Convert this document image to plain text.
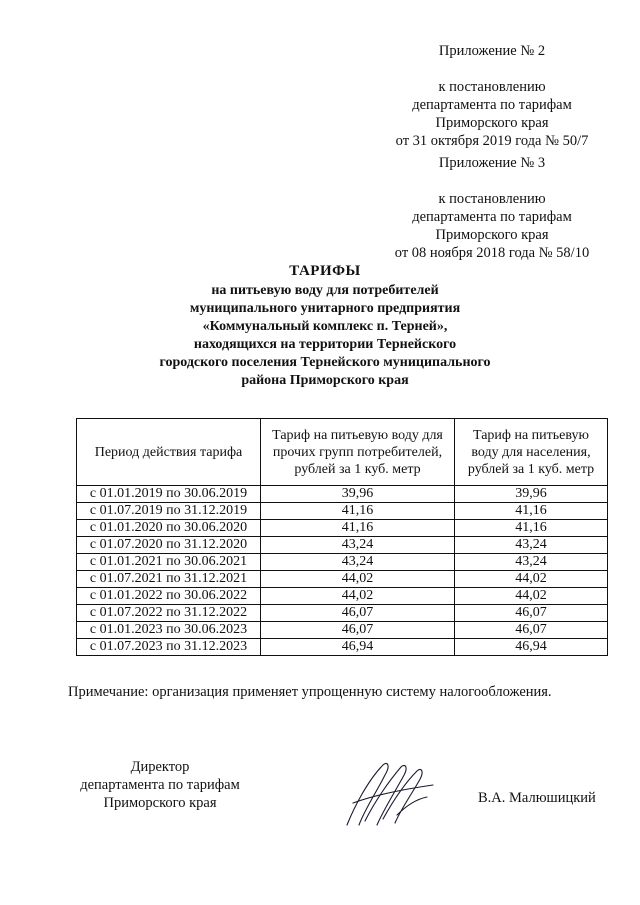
Приложение № 2
к постановлению
департамента по тарифам
Приморского края
от 31 октября 2019 года № 50/7
Приложение № 3
к постановлению
департамента по тарифам
Приморского края
от 08 ноября 2018 года № 58/10
ТАРИФЫ
на питьевую воду для потребителей
муниципального унитарного предприятия
«Коммунальный комплекс п. Терней»,
находящихся на территории Тернейского
городского поселения Тернейского муниципального
района Приморского края
Период действия тарифа	Тариф на питьевую воду для прочих групп потребителей, рублей за 1 куб. метр	Тариф на питьевую воду для населения, рублей за 1 куб. метр
с 01.01.2019 по 30.06.2019	39,96	39,96
с 01.07.2019 по 31.12.2019	41,16	41,16
с 01.01.2020 по 30.06.2020	41,16	41,16
с 01.07.2020 по 31.12.2020	43,24	43,24
с 01.01.2021 по 30.06.2021	43,24	43,24
с 01.07.2021 по 31.12.2021	44,02	44,02
с 01.01.2022 по 30.06.2022	44,02	44,02
с 01.07.2022 по 31.12.2022	46,07	46,07
с 01.01.2023 по 30.06.2023	46,07	46,07
с 01.07.2023 по 31.12.2023	46,94	46,94
Примечание: организация применяет упрощенную систему налогообложения.
Директор
департамента по тарифам
Приморского края	В.А. Малюшицкий
